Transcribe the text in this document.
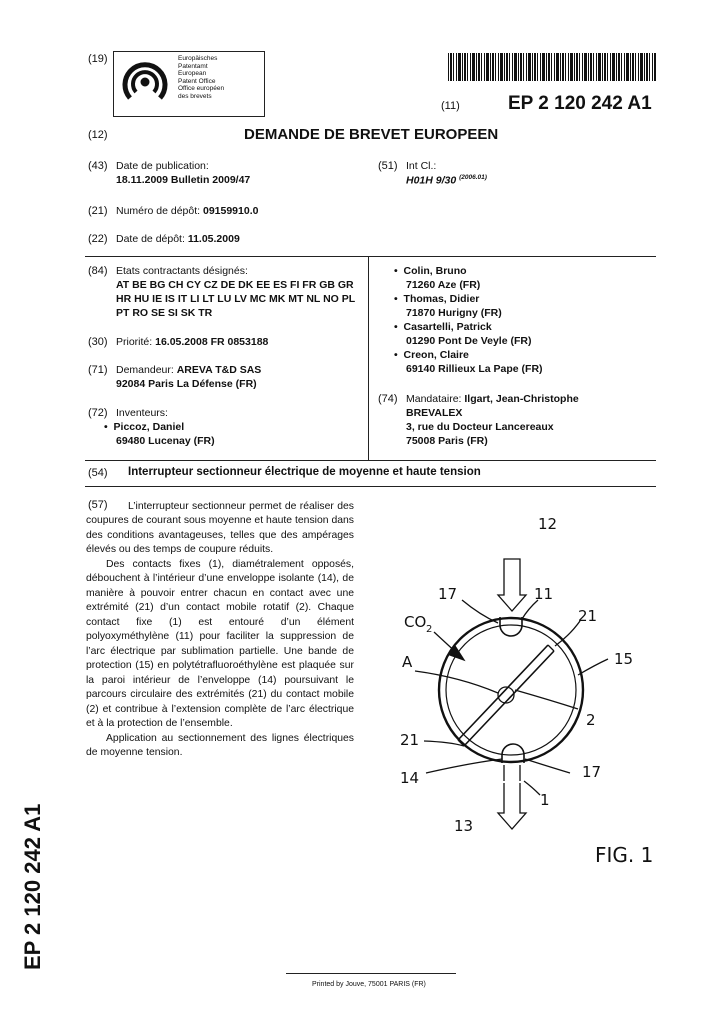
(19)	Europäisches
Patentamt
European
Patent Office
Office européen
des brevets
(11)	EP 2 120 242 A1
(12)	DEMANDE DE BREVET EUROPEEN
(43) Date de publication:
18.11.2009 Bulletin 2009/47
(51) Int Cl.:
H01H 9/30 $^{(2006.01)}$
(21) Numéro de dépôt: 09159910.0
(22) Date de dépôt: 11.05.2009
(84) Etats contractants désignés:
AT BE BG CH CY CZ DE DK EE ES FI FR GB GR
HR HU IE IS IT LI LT LU LV MC MK MT NL NO PL
PT RO SE SI SK TR
(30) Priorité: 16.05.2008 FR 0853188
(71) Demandeur: AREVA T&D SAS
92084 Paris La Défense (FR)
(72) Inventeurs:
• Piccoz, Daniel
69480 Lucenay (FR)
• Colin, Bruno
71260 Aze (FR)
• Thomas, Didier
71870 Hurigny (FR)
• Casartelli, Patrick
01290 Pont De Veyle (FR)
• Creon, Claire
69140 Rillieux La Pape (FR)
(74) Mandataire: Ilgart, Jean-Christophe
BREVALEX
3, rue du Docteur Lancereaux
75008 Paris (FR)
(54) Interrupteur sectionneur électrique de moyenne et haute tension
(57)	L’interrupteur sectionneur permet de réaliser des coupures de courant sous moyenne et haute tension dans des conditions avantageuses, telles que des ampérages élevés ou des temps de coupure réduits.

Des contacts fixes (1), diamétralement opposés, débouchent à l’intérieur d’une enveloppe isolante (14), de manière à pouvoir entrer chacun en contact avec une extrémité (21) d’un contact mobile rotatif (2). Chaque contact fixe (1) est entouré d’un élément polyoxyméthylène (11) pour faciliter la suppression de l’arc électrique par sublimation partielle. Une bande de protection (15) en polytétrafluoroéthylène est plaquée sur la paroi intérieur de l’enveloppe (14) poursuivant le parcours circulaire des extrémités (21) du contact mobile (2) et contribue à l’extension complète de l’arc électrique et à la protection de l’ensemble.

Application au sectionnement des lignes électriques de moyenne tension.

12
17	11
CO 2
21
15
A
2
21
14	17
1
13
FIG. 1
EP 2 120 242 A1
Printed by Jouve, 75001 PARIS (FR)
